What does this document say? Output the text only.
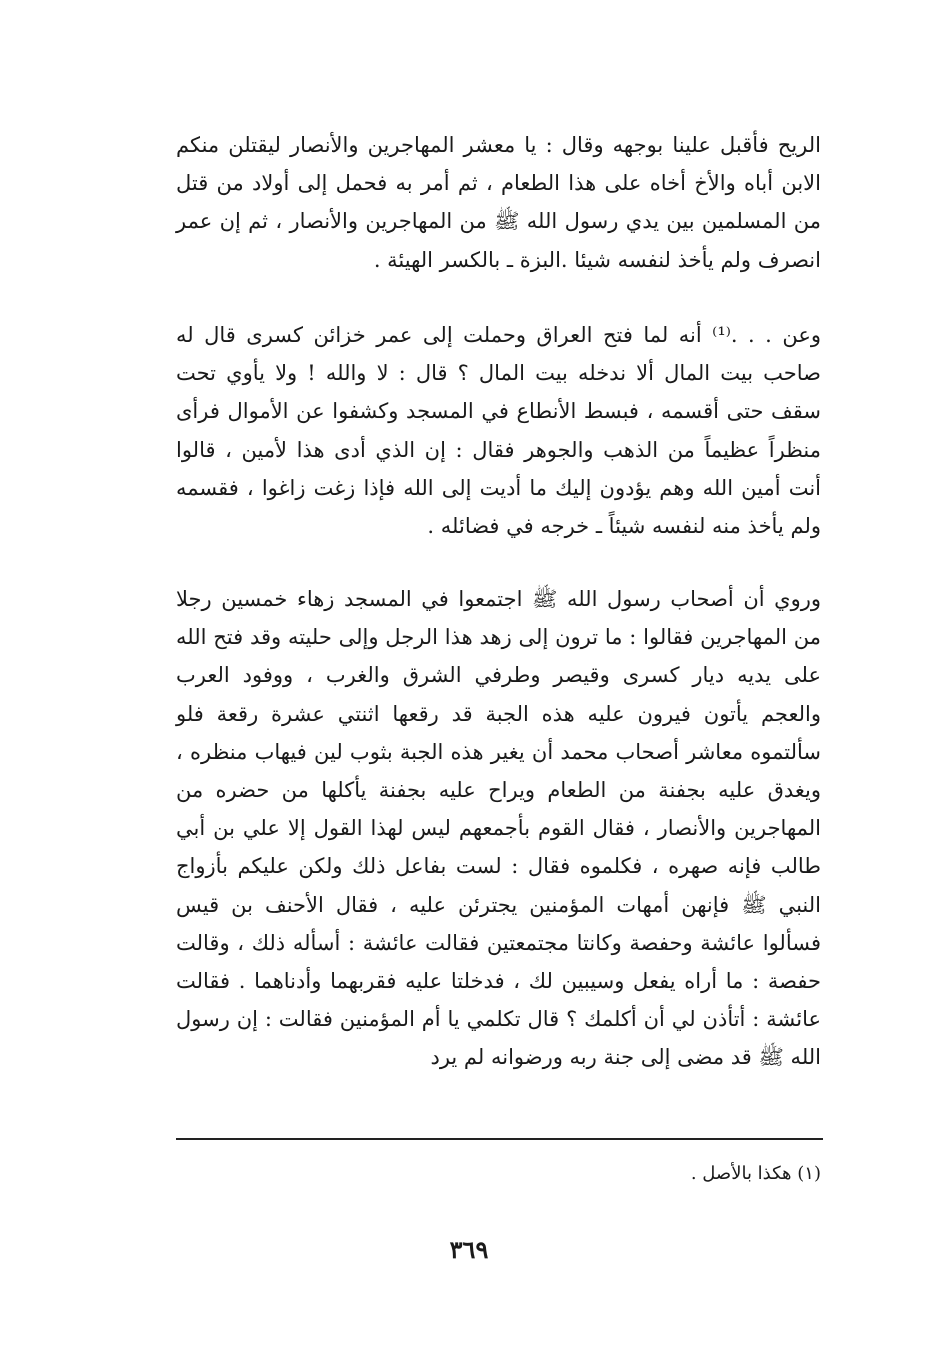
الريح فأقبل علينا بوجهه وقال : يا معشر المهاجرين والأنصار ليقتلن منكم الابن أباه والأخ أخاه على هذا الطعام ، ثم أمر به فحمل إلى أولاد من قتل من المسلمين بين يدي رسول الله ﷺ من المهاجرين والأنصار ، ثم إن عمر انصرف ولم يأخذ لنفسه شيئا .البزة ـ بالكسر الهيئة .

وعن . . .⁽¹⁾ أنه لما فتح العراق وحملت إلى عمر خزائن كسرى قال له صاحب بيت المال ألا ندخله بيت المال ؟ قال : لا والله ! ولا يأوي تحت سقف حتى أقسمه ، فبسط الأنطاع في المسجد وكشفوا عن الأموال فرأى منظراً عظيماً من الذهب والجوهر فقال : إن الذي أدى هذا لأمين ، قالوا أنت أمين الله وهم يؤدون إليك ما أديت إلى الله فإذا زغت زاغوا ، فقسمه ولم يأخذ منه لنفسه شيئاً ـ خرجه في فضائله .

وروي أن أصحاب رسول الله ﷺ اجتمعوا في المسجد زهاء خمسين رجلا من المهاجرين فقالوا : ما ترون إلى زهد هذا الرجل وإلى حليته وقد فتح الله على يديه ديار كسرى وقيصر وطرفي الشرق والغرب ، ووفود العرب والعجم يأتون فيرون عليه هذه الجبة قد رقعها اثنتي عشرة رقعة فلو سألتموه معاشر أصحاب محمد أن يغير هذه الجبة بثوب لين فيهاب منظره ، ويغدق عليه بجفنة من الطعام ويراح عليه بجفنة يأكلها من حضره من المهاجرين والأنصار ، فقال القوم بأجمعهم ليس لهذا القول إلا علي بن أبي طالب فإنه صهره ، فكلموه فقال : لست بفاعل ذلك ولكن عليكم بأزواج النبي ﷺ فإنهن أمهات المؤمنين يجترئن عليه ، فقال الأحنف بن قيس فسألوا عائشة وحفصة وكانتا مجتمعتين فقالت عائشة : أسأله ذلك ، وقالت حفصة : ما أراه يفعل وسيبين لك ، فدخلتا عليه فقربهما وأدناهما . فقالت عائشة : أتأذن لي أن أكلمك ؟ قال تكلمي يا أم المؤمنين فقالت : إن رسول الله ﷺ قد مضى إلى جنة ربه ورضوانه لم يرد

(١) هكذا بالأصل .
٣٦٩
